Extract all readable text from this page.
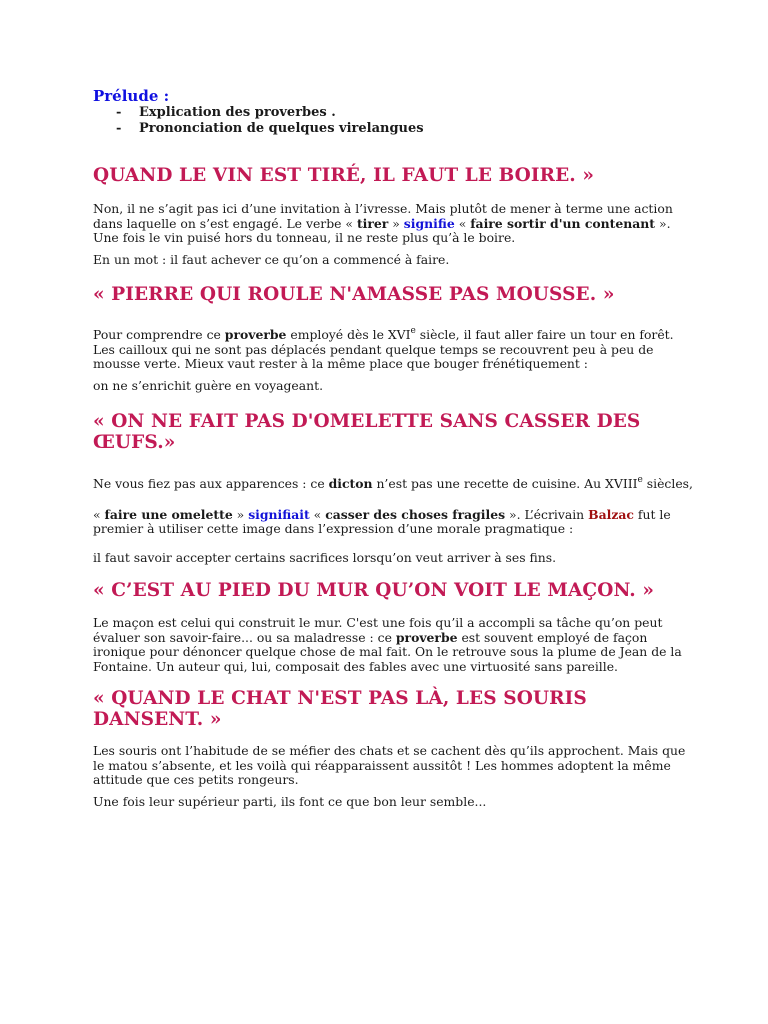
Prélude :
- Explication des proverbes .
- Prononciation de quelques virelangues
QUAND LE VIN EST TIRÉ, IL FAUT LE BOIRE. »

Non, il ne s’agit pas ici d’une invitation à l’ivresse. Mais plutôt de mener à terme une action dans laquelle on s’est engagé. Le verbe « tirer » signifie « faire sortir d'un contenant ». Une fois le vin puisé hors du tonneau, il ne reste plus qu’à le boire.

En un mot : il faut achever ce qu’on a commencé à faire.

« PIERRE QUI ROULE N'AMASSE PAS MOUSSE. »

Pour comprendre ce proverbe employé dès le XVIe siècle, il faut aller faire un tour en forêt. Les cailloux qui ne sont pas déplacés pendant quelque temps se recouvrent peu à peu de mousse verte. Mieux vaut rester à la même place que bouger frénétiquement :

on ne s’enrichit guère en voyageant.

« ON NE FAIT PAS D'OMELETTE SANS CASSER DES ŒUFS.»

Ne vous fiez pas aux apparences : ce dicton n’est pas une recette de cuisine. Au XVIIIe siècles,

« faire une omelette » signifiait « casser des choses fragiles ». L’écrivain Balzac fut le premier à utiliser cette image dans l’expression d’une morale pragmatique :

il faut savoir accepter certains sacrifices lorsqu’on veut arriver à ses fins.

« C’EST AU PIED DU MUR QU’ON VOIT LE MAÇON. »

Le maçon est celui qui construit le mur. C'est une fois qu’il a accompli sa tâche qu’on peut évaluer son savoir-faire... ou sa maladresse : ce proverbe est souvent employé de façon ironique pour dénoncer quelque chose de mal fait. On le retrouve sous la plume de Jean de la Fontaine. Un auteur qui, lui, composait des fables avec une virtuosité sans pareille.

« QUAND LE CHAT N'EST PAS LÀ, LES SOURIS DANSENT. »

Les souris ont l’habitude de se méfier des chats et se cachent dès qu’ils approchent. Mais que le matou s’absente, et les voilà qui réapparaissent aussitôt ! Les hommes adoptent la même attitude que ces petits rongeurs.

Une fois leur supérieur parti, ils font ce que bon leur semble...
